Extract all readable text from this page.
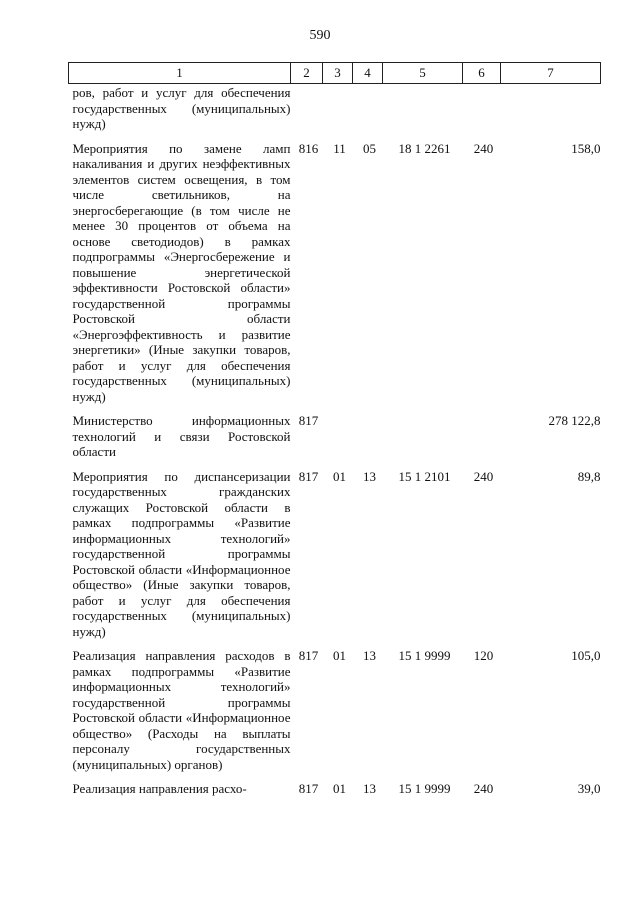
590
1	2	3	4	5	6	7
ров, работ и услуг для обеспечения государственных (муниципальных) нужд)						
Мероприятия по замене ламп накаливания и других неэффективных элементов систем освещения, в том числе светильников, на энергосберегающие (в том числе не менее 30 процентов от объема на основе светодиодов) в рамках подпрограммы «Энергосбережение и повышение энергетической эффективности Ростовской области» государственной программы Ростовской области «Энергоэффективность и развитие энергетики» (Иные закупки товаров, работ и услуг для обеспечения государственных (муниципальных) нужд)	816	11	05	18 1 2261	240	158,0
Министерство информационных технологий и связи Ростовской области	817					278 122,8
Мероприятия по диспансеризации государственных гражданских служащих Ростовской области в рамках подпрограммы «Развитие информационных технологий» государственной программы Ростовской области «Информационное общество» (Иные закупки товаров, работ и услуг для обеспечения государственных (муниципальных) нужд)	817	01	13	15 1 2101	240	89,8
Реализация направления расходов в рамках подпрограммы «Развитие информационных технологий» государственной программы Ростовской области «Информационное общество» (Расходы на выплаты персоналу государственных (муниципальных) органов)	817	01	13	15 1 9999	120	105,0
Реализация направления расхо-	817	01	13	15 1 9999	240	39,0
